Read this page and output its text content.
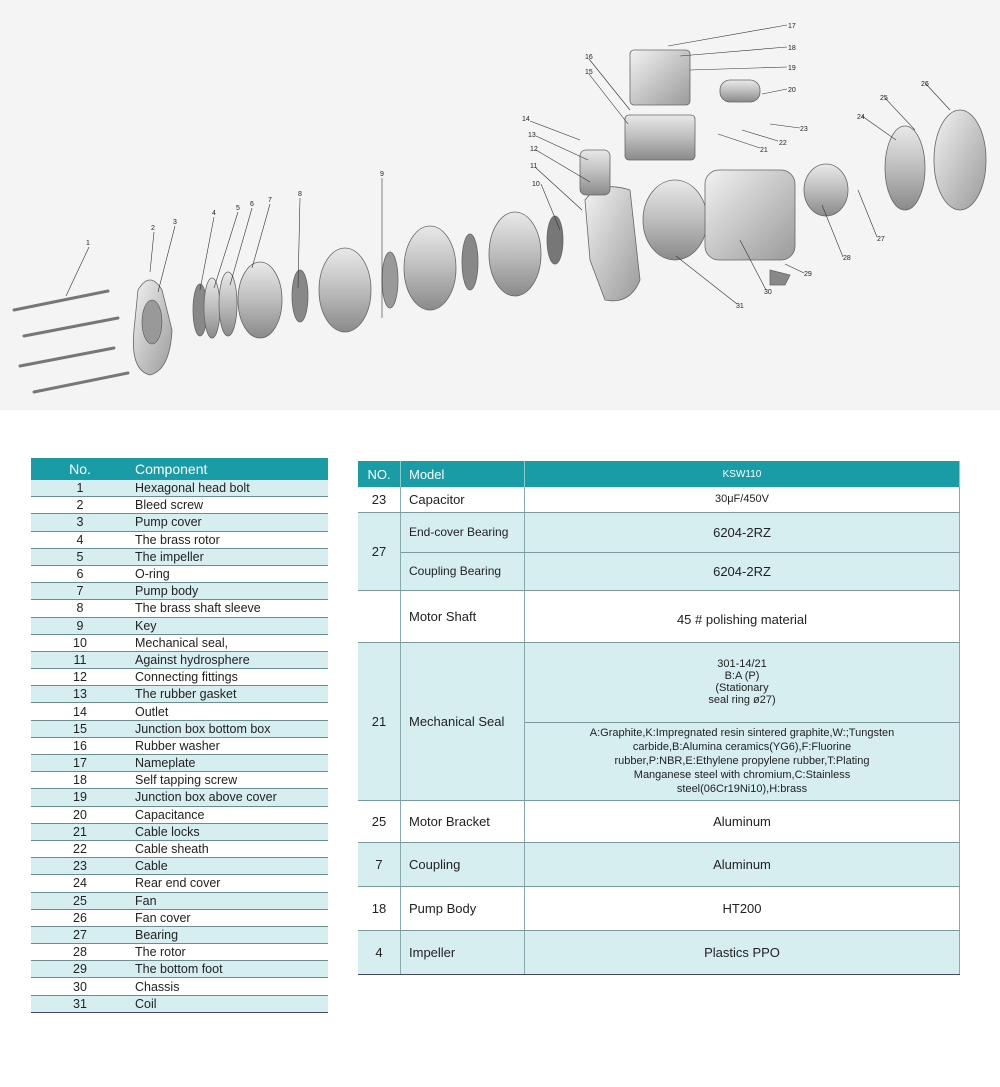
1
2
3
4
5
6
7
8
9
10
11
12
13
14
15
16
17
18
19
20
21
22
23
24
25
26
27
28
29
30
31
No.	Component
1	Hexagonal head bolt
2	Bleed screw
3	Pump cover
4	The brass rotor
5	The impeller
6	O-ring
7	Pump body
8	The brass shaft sleeve
9	Key
10	Mechanical seal,
11	Against hydrosphere
12	Connecting fittings
13	The rubber gasket
14	Outlet
15	Junction box bottom box
16	Rubber washer
17	Nameplate
18	Self tapping screw
19	Junction box above cover
20	Capacitance
21	Cable locks
22	Cable sheath
23	Cable
24	Rear end cover
25	Fan
26	Fan cover
27	Bearing
28	The rotor
29	The bottom foot
30	Chassis
31	Coil
NO.	Model	KSW110
23	Capacitor	30μF/450V
27	End-cover Bearing	6204-2RZ
	Coupling Bearing	6204-2RZ
	Motor Shaft	45 # polishing material
21	Mechanical Seal	301-14/21
B:A (P)
(Stationary
seal ring ø27)

		A:Graphite,K:Impregnated resin sintered graphite,W:;Tungsten carbide,B:Alumina ceramics(YG6),F:Fluorine rubber,P:NBR,E:Ethylene propylene rubber,T:Plating Manganese steel with chromium,C:Stainless steel(06Cr19Ni10),H:brass
25	Motor Bracket	Aluminum
7	Coupling	Aluminum
18	Pump Body	HT200
4	Impeller	Plastics PPO
